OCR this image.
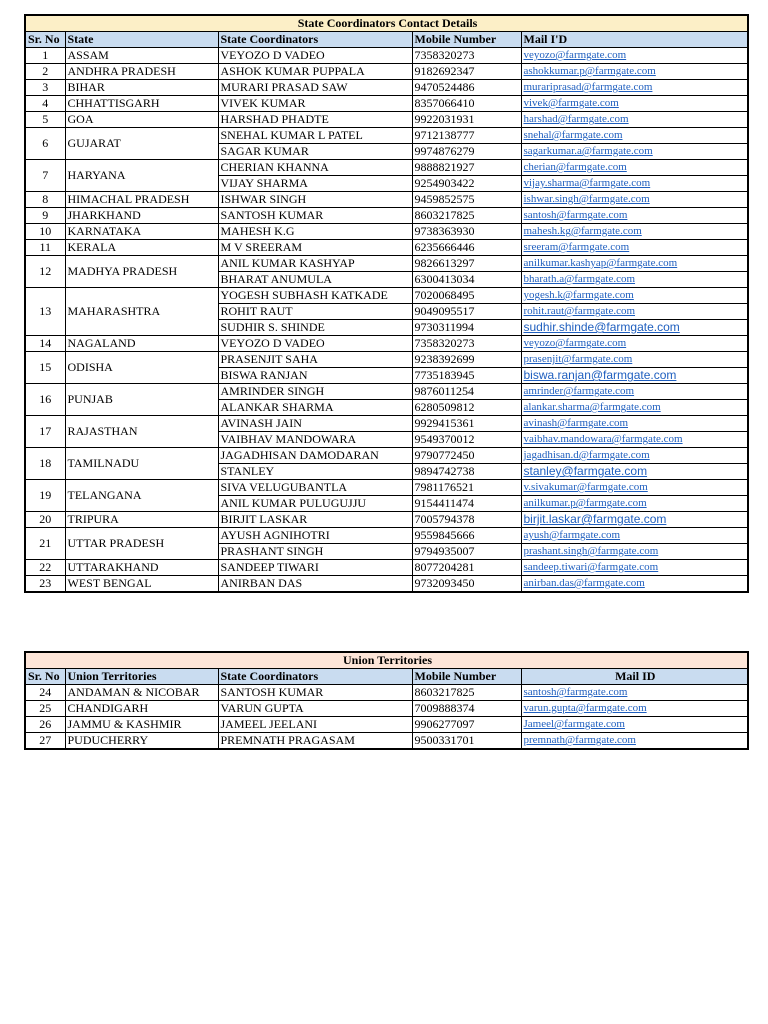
State Coordinators Contact Details				
Sr. No	State	State Coordinators	Mobile Number	Mail I'D
1	ASSAM	VEYOZO D VADEO	7358320273	veyozo@farmgate.com
2	ANDHRA PRADESH	ASHOK KUMAR PUPPALA	9182692347	ashokkumar.p@farmgate.com
3	BIHAR	MURARI PRASAD SAW	9470524486	murariprasad@farmgate.com
4	CHHATTISGARH	VIVEK KUMAR	8357066410	vivek@farmgate.com
5	GOA	HARSHAD PHADTE	9922031931	harshad@farmgate.com
6	GUJARAT	SNEHAL KUMAR L PATEL	9712138777	snehal@farmgate.com
		SAGAR KUMAR	9974876279	sagarkumar.a@farmgate.com
7	HARYANA	CHERIAN KHANNA	9888821927	cherian@farmgate.com
		VIJAY SHARMA	9254903422	vijay.sharma@farmgate.com
8	HIMACHAL PRADESH	ISHWAR SINGH	9459852575	ishwar.singh@farmgate.com
9	JHARKHAND	SANTOSH KUMAR	8603217825	santosh@farmgate.com
10	KARNATAKA	MAHESH K.G	9738363930	mahesh.kg@farmgate.com
11	KERALA	M V SREERAM	6235666446	sreeram@farmgate.com
12	MADHYA PRADESH	ANIL KUMAR KASHYAP	9826613297	anilkumar.kashyap@farmgate.com
		BHARAT ANUMULA	6300413034	bharath.a@farmgate.com
13	MAHARASHTRA	YOGESH SUBHASH KATKADE	7020068495	yogesh.k@farmgate.com
		ROHIT RAUT	9049095517	rohit.raut@farmgate.com
		SUDHIR S. SHINDE	9730311994	sudhir.shinde@farmgate.com
14	NAGALAND	VEYOZO D VADEO	7358320273	veyozo@farmgate.com
15	ODISHA	PRASENJIT SAHA	9238392699	prasenjit@farmgate.com
		BISWA RANJAN	7735183945	biswa.ranjan@farmgate.com
16	PUNJAB	AMRINDER SINGH	9876011254	amrinder@farmgate.com
		ALANKAR SHARMA	6280509812	alankar.sharma@farmgate.com
17	RAJASTHAN	AVINASH JAIN	9929415361	avinash@farmgate.com
		VAIBHAV MANDOWARA	9549370012	vaibhav.mandowara@farmgate.com
18	TAMILNADU	JAGADHISAN DAMODARAN	9790772450	jagadhisan.d@farmgate.com
		STANLEY	9894742738	stanley@farmgate.com
19	TELANGANA	SIVA VELUGUBANTLA	7981176521	v.sivakumar@farmgate.com
		ANIL KUMAR PULUGUJJU	9154411474	anilkumar.p@farmgate.com
20	TRIPURA	BIRJIT LASKAR	7005794378	birjit.laskar@farmgate.com
21	UTTAR PRADESH	AYUSH AGNIHOTRI	9559845666	ayush@farmgate.com
		PRASHANT SINGH	9794935007	prashant.singh@farmgate.com
22	UTTARAKHAND	SANDEEP TIWARI	8077204281	sandeep.tiwari@farmgate.com
23	WEST BENGAL	ANIRBAN DAS	9732093450	anirban.das@farmgate.com
Union Territories				
Sr. No	Union Territories	State Coordinators	Mobile Number	Mail ID
24	ANDAMAN & NICOBAR	SANTOSH KUMAR	8603217825	santosh@farmgate.com
25	CHANDIGARH	VARUN GUPTA	7009888374	varun.gupta@farmgate.com
26	JAMMU & KASHMIR	JAMEEL JEELANI	9906277097	Jameel@farmgate.com
27	PUDUCHERRY	PREMNATH PRAGASAM	9500331701	premnath@farmgate.com
